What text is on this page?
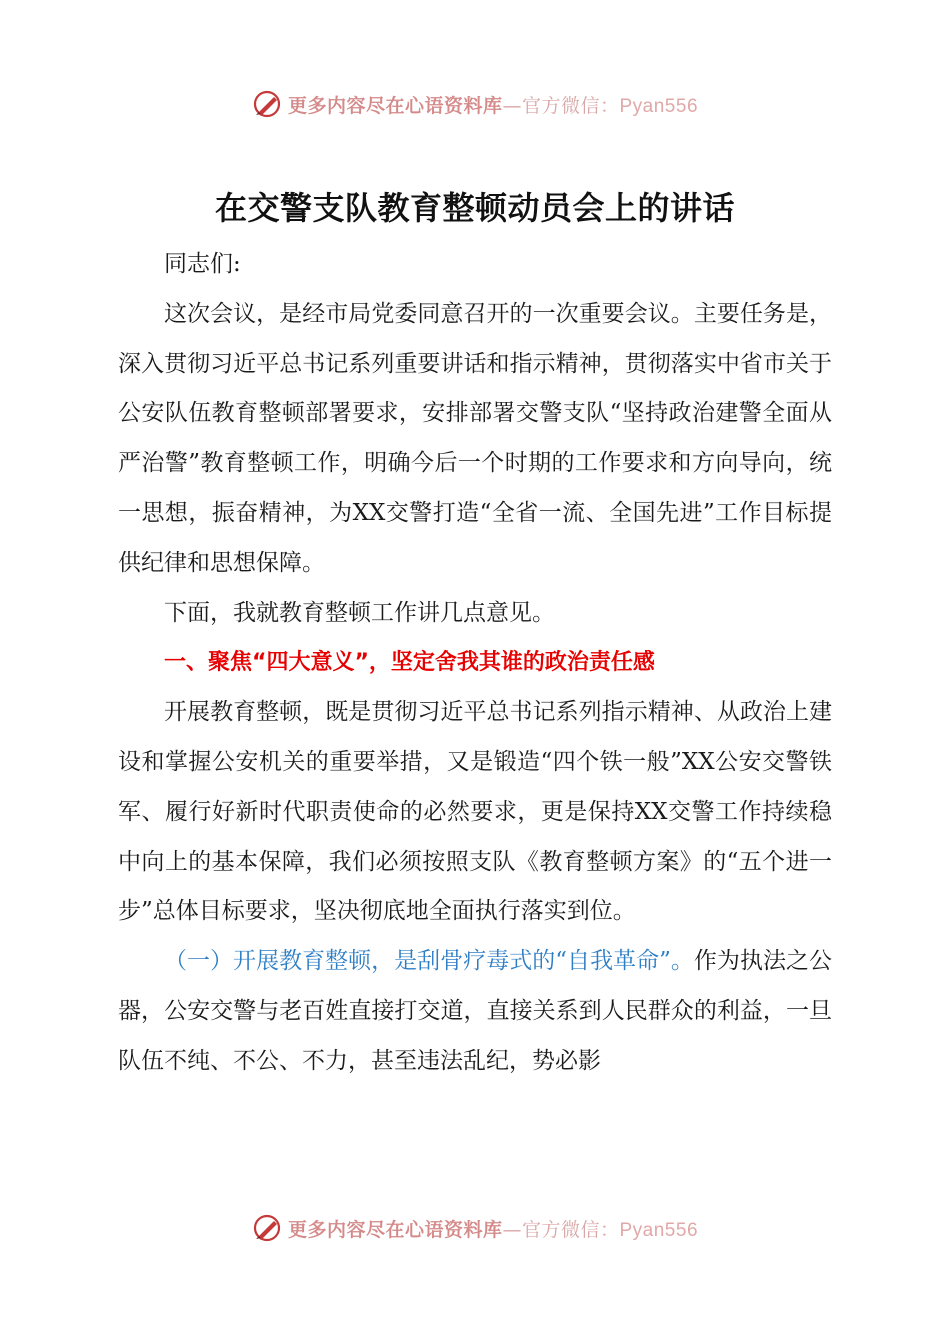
更多内容尽在心语资料库—官方微信：Pyan556
在交警支队教育整顿动员会上的讲话

同志们:

这次会议，是经市局党委同意召开的一次重要会议。主要任务是，深入贯彻习近平总书记系列重要讲话和指示精神，贯彻落实中省市关于公安队伍教育整顿部署要求，安排部署交警支队“坚持政治建警全面从严治警”教育整顿工作，明确今后一个时期的工作要求和方向导向，统一思想，振奋精神，为XX交警打造“全省一流、全国先进”工作目标提供纪律和思想保障。

下面，我就教育整顿工作讲几点意见。

一、聚焦“四大意义”，坚定舍我其谁的政治责任感

开展教育整顿，既是贯彻习近平总书记系列指示精神、从政治上建设和掌握公安机关的重要举措，又是锻造“四个铁一般”XX公安交警铁军、履行好新时代职责使命的必然要求，更是保持XX交警工作持续稳中向上的基本保障，我们必须按照支队《教育整顿方案》的“五个进一步”总体目标要求，坚决彻底地全面执行落实到位。

（一）开展教育整顿，是刮骨疗毒式的“自我革命”。作为执法之公器，公安交警与老百姓直接打交道，直接关系到人民群众的利益，一旦队伍不纯、不公、不力，甚至违法乱纪，势必影

更多内容尽在心语资料库—官方微信：Pyan556
